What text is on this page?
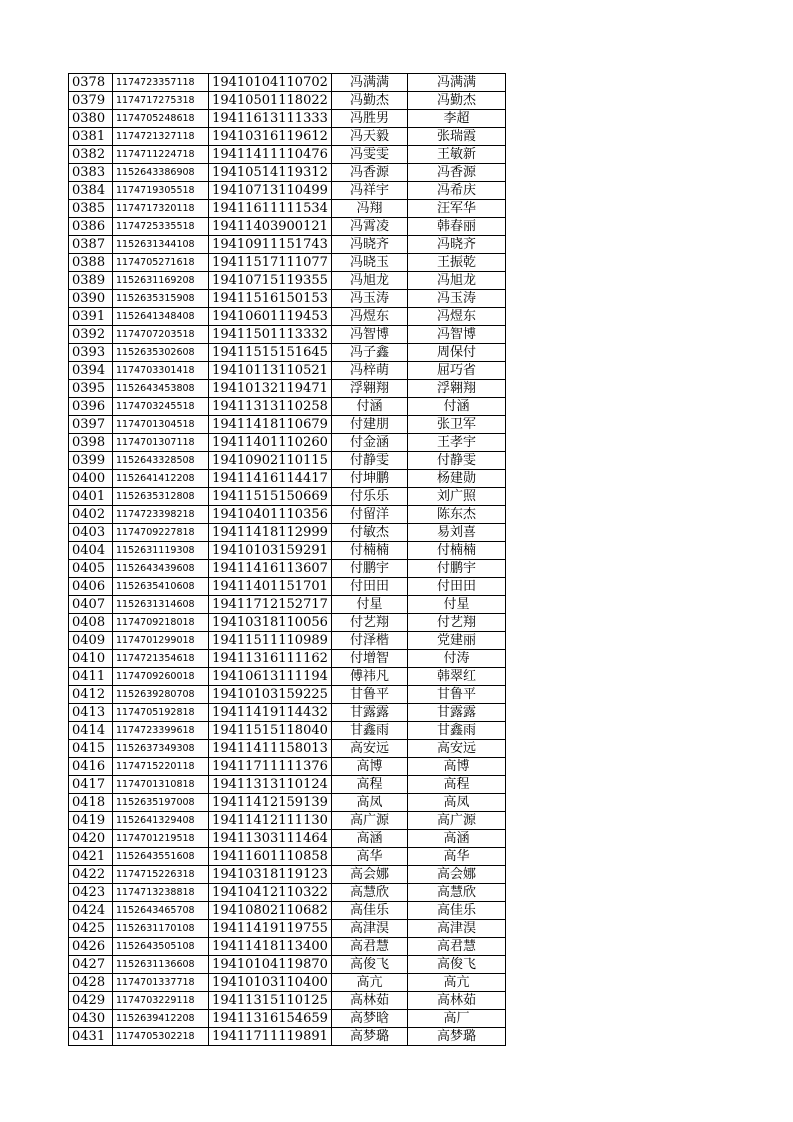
0378	1174723357118	19410104110702	冯满满	冯满满
0379	1174717275318	19410501118022	冯勤杰	冯勤杰
0380	1174705248618	19411613111333	冯胜男	李超
0381	1174721327118	19410316119612	冯天毅	张瑞霞
0382	1174711224718	19411411110476	冯雯雯	王敏新
0383	1152643386908	19410514119312	冯香源	冯香源
0384	1174719305518	19410713110499	冯祥宇	冯希庆
0385	1174717320118	19411611111534	冯翔	汪军华
0386	1174725335518	19411403900121	冯霄凌	韩春丽
0387	1152631344108	19410911151743	冯晓齐	冯晓齐
0388	1174705271618	19411517111077	冯晓玉	王振乾
0389	1152631169208	19410715119355	冯旭龙	冯旭龙
0390	1152635315908	19411516150153	冯玉涛	冯玉涛
0391	1152641348408	19410601119453	冯煜东	冯煜东
0392	1174707203518	19411501113332	冯智博	冯智博
0393	1152635302608	19411515151645	冯子鑫	周保付
0394	1174703301418	19410113110521	冯梓萌	屈巧省
0395	1152643453808	19410132119471	浮翱翔	浮翱翔
0396	1174703245518	19411313110258	付涵	付涵
0397	1174701304518	19411418110679	付建朋	张卫军
0398	1174701307118	19411401110260	付金涵	王孝宇
0399	1152643328508	19410902110115	付静雯	付静雯
0400	1152641412208	19411416114417	付坤鹏	杨建勋
0401	1152635312808	19411515150669	付乐乐	刘广照
0402	1174723398218	19410401110356	付留洋	陈东杰
0403	1174709227818	19411418112999	付敏杰	易刘喜
0404	1152631119308	19410103159291	付楠楠	付楠楠
0405	1152643439608	19411416113607	付鹏宇	付鹏宇
0406	1152635410608	19411401151701	付田田	付田田
0407	1152631314608	19411712152717	付星	付星
0408	1174709218018	19410318110056	付艺翔	付艺翔
0409	1174701299018	19411511110989	付泽楷	党建丽
0410	1174721354618	19411316111162	付增智	付涛
0411	1174709260018	19410613111194	傅祎凡	韩翠红
0412	1152639280708	19410103159225	甘鲁平	甘鲁平
0413	1174705192818	19411419114432	甘露露	甘露露
0414	1174723399618	19411515118040	甘鑫雨	甘鑫雨
0415	1152637349308	19411411158013	高安远	高安远
0416	1174715220118	19411711111376	高博	高博
0417	1174701310818	19411313110124	高程	高程
0418	1152635197008	19411412159139	高凤	高凤
0419	1152641329408	19411412111130	高广源	高广源
0420	1174701219518	19411303111464	高涵	高涵
0421	1152643551608	19411601110858	高华	高华
0422	1174715226318	19410318119123	高会娜	高会娜
0423	1174713238818	19410412110322	高慧欣	高慧欣
0424	1152643465708	19410802110682	高佳乐	高佳乐
0425	1152631170108	19411419119755	高津淏	高津淏
0426	1152643505108	19411418113400	高君慧	高君慧
0427	1152631136608	19410104119870	高俊飞	高俊飞
0428	1174701337718	19410103110400	高亢	高亢
0429	1174703229118	19411315110125	高林茹	高林茹
0430	1152639412208	19411316154659	高梦晗	高厂
0431	1174705302218	19411711119891	高梦璐	高梦璐
